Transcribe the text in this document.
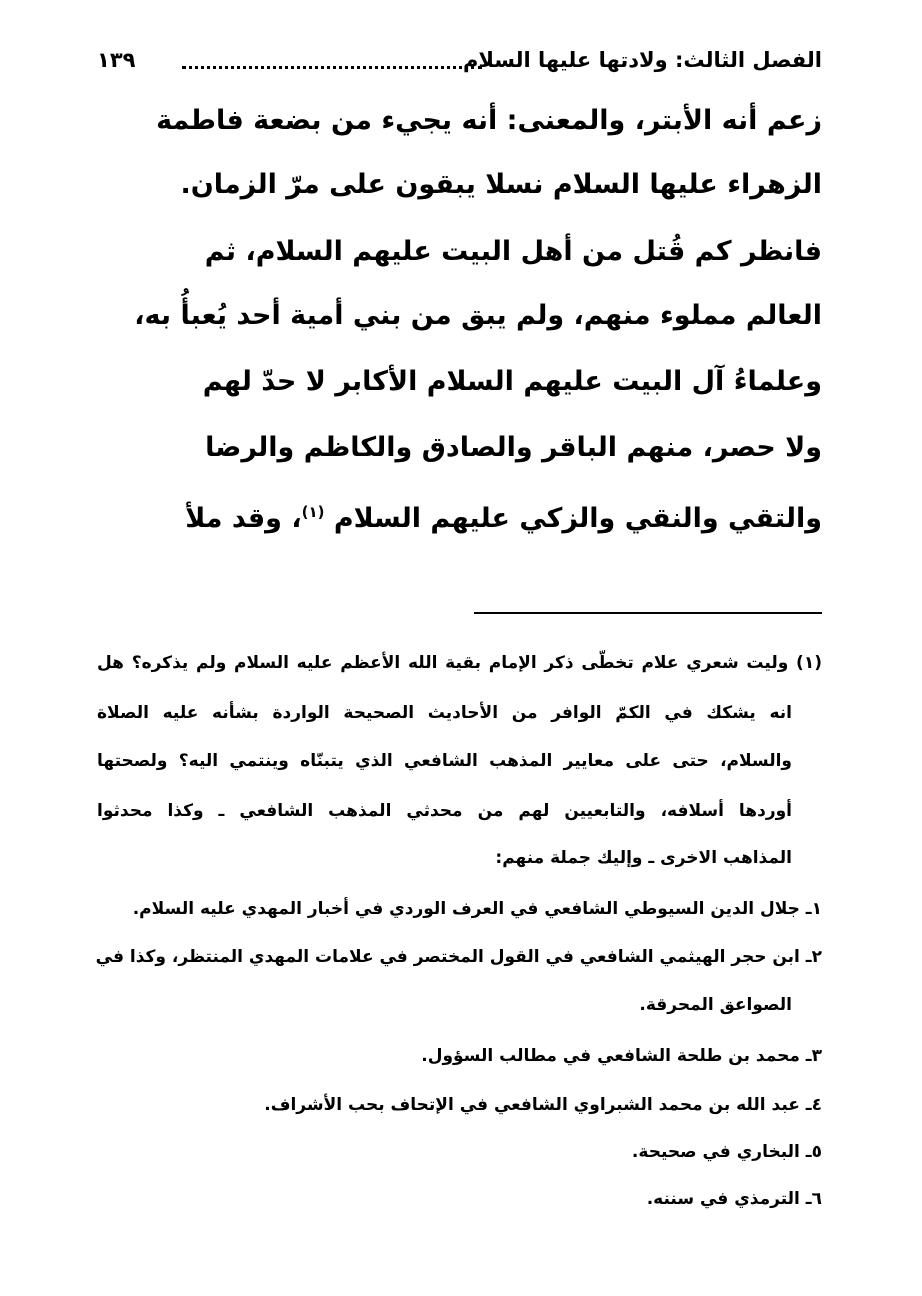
الفصل الثالث: ولادتها عليها السلام
١٣٩
زعم أنه الأبتر، والمعنى: أنه يجيء من بضعة فاطمة
الزهراء عليها السلام نسلا يبقون على مرّ الزمان.
فانظر كم قُتل من أهل البيت عليهم السلام، ثم
العالم مملوء منهم، ولم يبق من بني أمية أحد يُعبأُ به،
وعلماءُ آل البيت عليهم السلام الأكابر لا حدّ لهم
ولا حصر، منهم الباقر والصادق والكاظم والرضا
والتقي والنقي والزكي عليهم السلام $^{(١)}$، وقد ملأ
(١) وليت شعري علام تخطّى ذكر الإمام بقية الله الأعظم عليه السلام ولم يذكره؟ هل
انه يشكك في الكمّ الوافر من الأحاديث الصحيحة الواردة بشأنه عليه الصلاة
والسلام، حتى على معايير المذهب الشافعي الذي يتبنّاه وينتمي اليه؟ ولصحتها
أوردها أسلافه، والتابعيين لهم من محدثي المذهب الشافعي ـ وكذا محدثوا
المذاهب الاخرى ـ وإليك جملة منهم:
١ـ جلال الدين السيوطي الشافعي في العرف الوردي في أخبار المهدي عليه السلام.
٢ـ ابن حجر الهيثمي الشافعي في القول المختصر في علامات المهدي المنتظر، وكذا في
الصواعق المحرقة.
٣ـ محمد بن طلحة الشافعي في مطالب السؤول.
٤ـ عبد الله بن محمد الشبراوي الشافعي في الإتحاف بحب الأشراف.
٥ـ البخاري في صحيحة.
٦ـ الترمذي في سننه.
